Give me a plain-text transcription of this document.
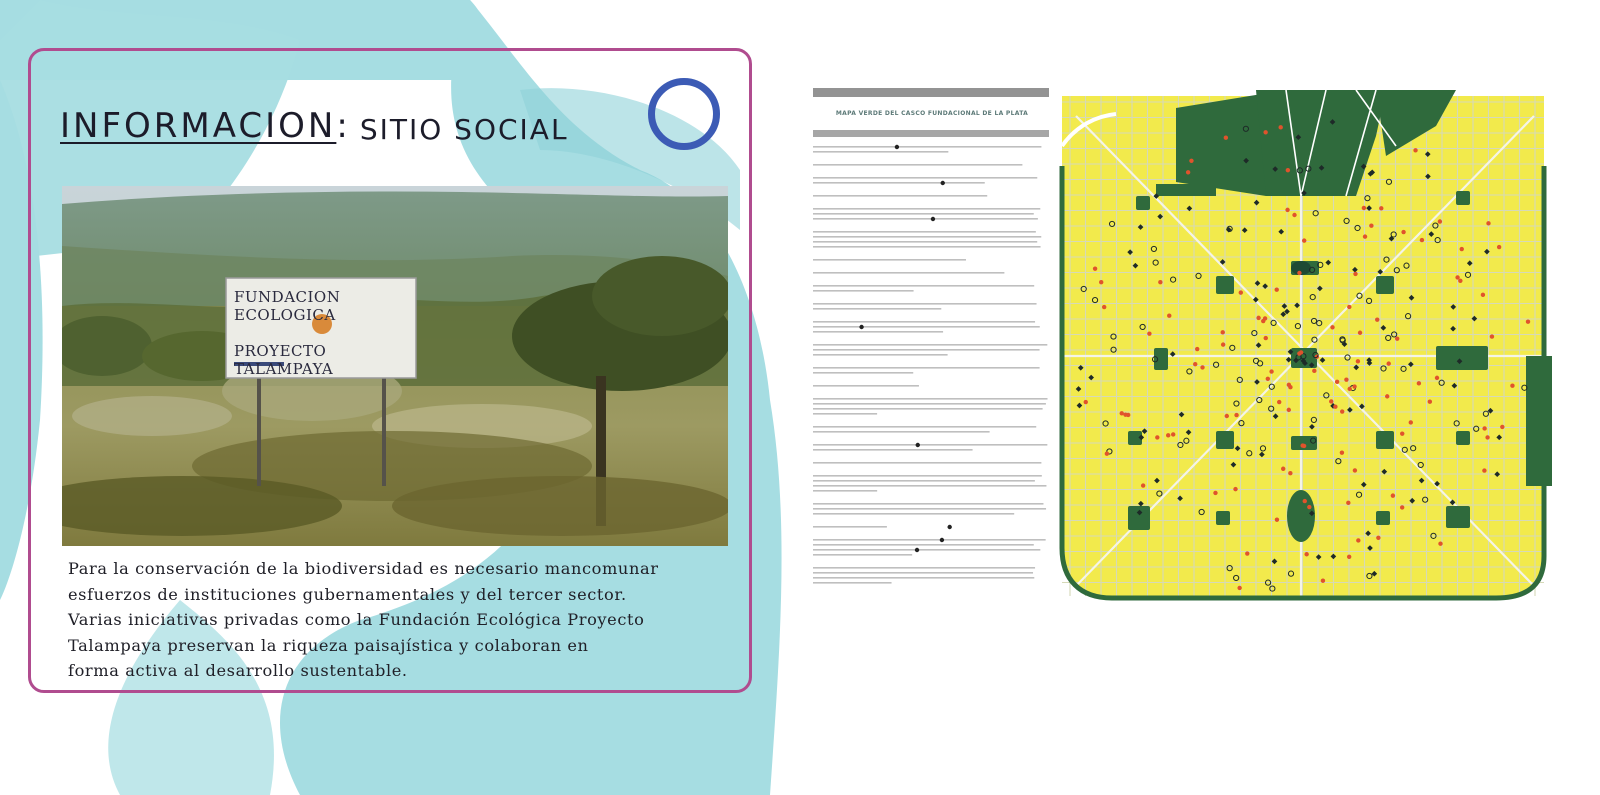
INFORMACION : SITIO SOCIAL
FUNDACION ECOLOGICA
PROYECTO TALAMPAYA
Para la conservación de la biodiversidad es necesario mancomunar
esfuerzos de instituciones gubernamentales y del tercer sector.
Varias iniciativas privadas como la Fundación Ecológica Proyecto
Talampaya preservan la riqueza paisajística y colaboran en
forma activa al desarrollo sustentable.
MAPA VERDE DEL CASCO FUNDACIONAL DE LA PLATA
